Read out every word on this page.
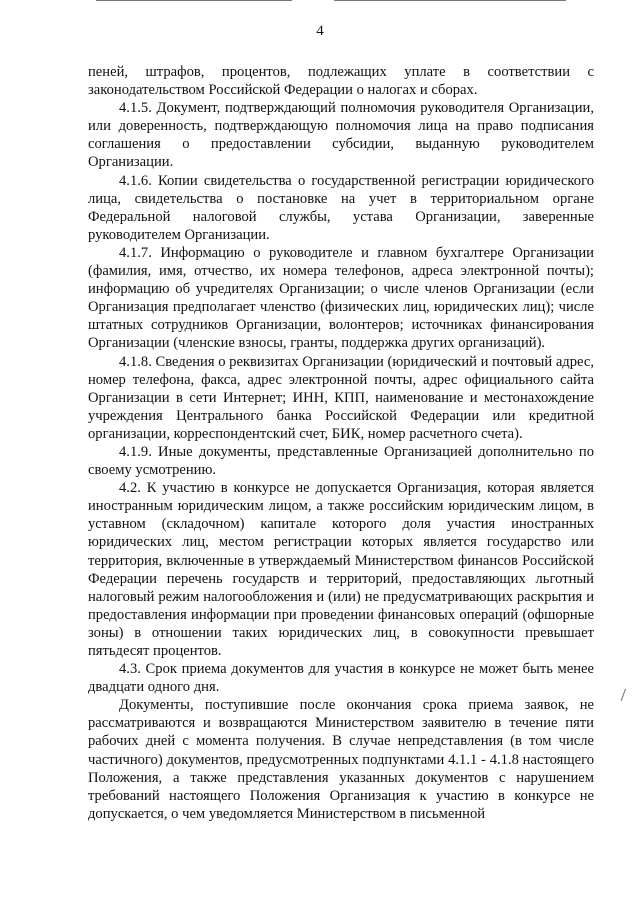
4

пеней, штрафов, процентов, подлежащих уплате в соответствии с законодательством Российской Федерации о налогах и сборах.

4.1.5. Документ, подтверждающий полномочия руководителя Организации, или доверенность, подтверждающую полномочия лица на право подписания соглашения о предоставлении субсидии, выданную руководителем Организации.

4.1.6. Копии свидетельства о государственной регистрации юридического лица, свидетельства о постановке на учет в территориальном органе Федеральной налоговой службы, устава Организации, заверенные руководителем Организации.

4.1.7. Информацию о руководителе и главном бухгалтере Организации (фамилия, имя, отчество, их номера телефонов, адреса электронной почты); информацию об учредителях Организации; о числе членов Организации (если Организация предполагает членство (физических лиц, юридических лиц); числе штатных сотрудников Организации, волонтеров; источниках финансирования Организации (членские взносы, гранты, поддержка других организаций).

4.1.8. Сведения о реквизитах Организации (юридический и почтовый адрес, номер телефона, факса, адрес электронной почты, адрес официального сайта Организации в сети Интернет; ИНН, КПП, наименование и местонахождение учреждения Центрального банка Российской Федерации или кредитной организации, корреспондентский счет, БИК, номер расчетного счета).

4.1.9. Иные документы, представленные Организацией дополнительно по своему усмотрению.

4.2. К участию в конкурсе не допускается Организация, которая является иностранным юридическим лицом, а также российским юридическим лицом, в уставном (складочном) капитале которого доля участия иностранных юридических лиц, местом регистрации которых является государство или территория, включенные в утверждаемый Министерством финансов Российской Федерации перечень государств и территорий, предоставляющих льготный налоговый режим налогообложения и (или) не предусматривающих раскрытия и предоставления информации при проведении финансовых операций (офшорные зоны) в отношении таких юридических лиц, в совокупности превышает пятьдесят процентов.

4.3. Срок приема документов для участия в конкурсе не может быть менее двадцати одного дня.

Документы, поступившие после окончания срока приема заявок, не рассматриваются и возвращаются Министерством заявителю в течение пяти рабочих дней с момента получения. В случае непредставления (в том числе частичного) документов, предусмотренных подпунктами 4.1.1 - 4.1.8 настоящего Положения, а также представления указанных документов с нарушением требований настоящего Положения Организация к участию в конкурсе не допускается, о чем уведомляется Министерством в письменной
